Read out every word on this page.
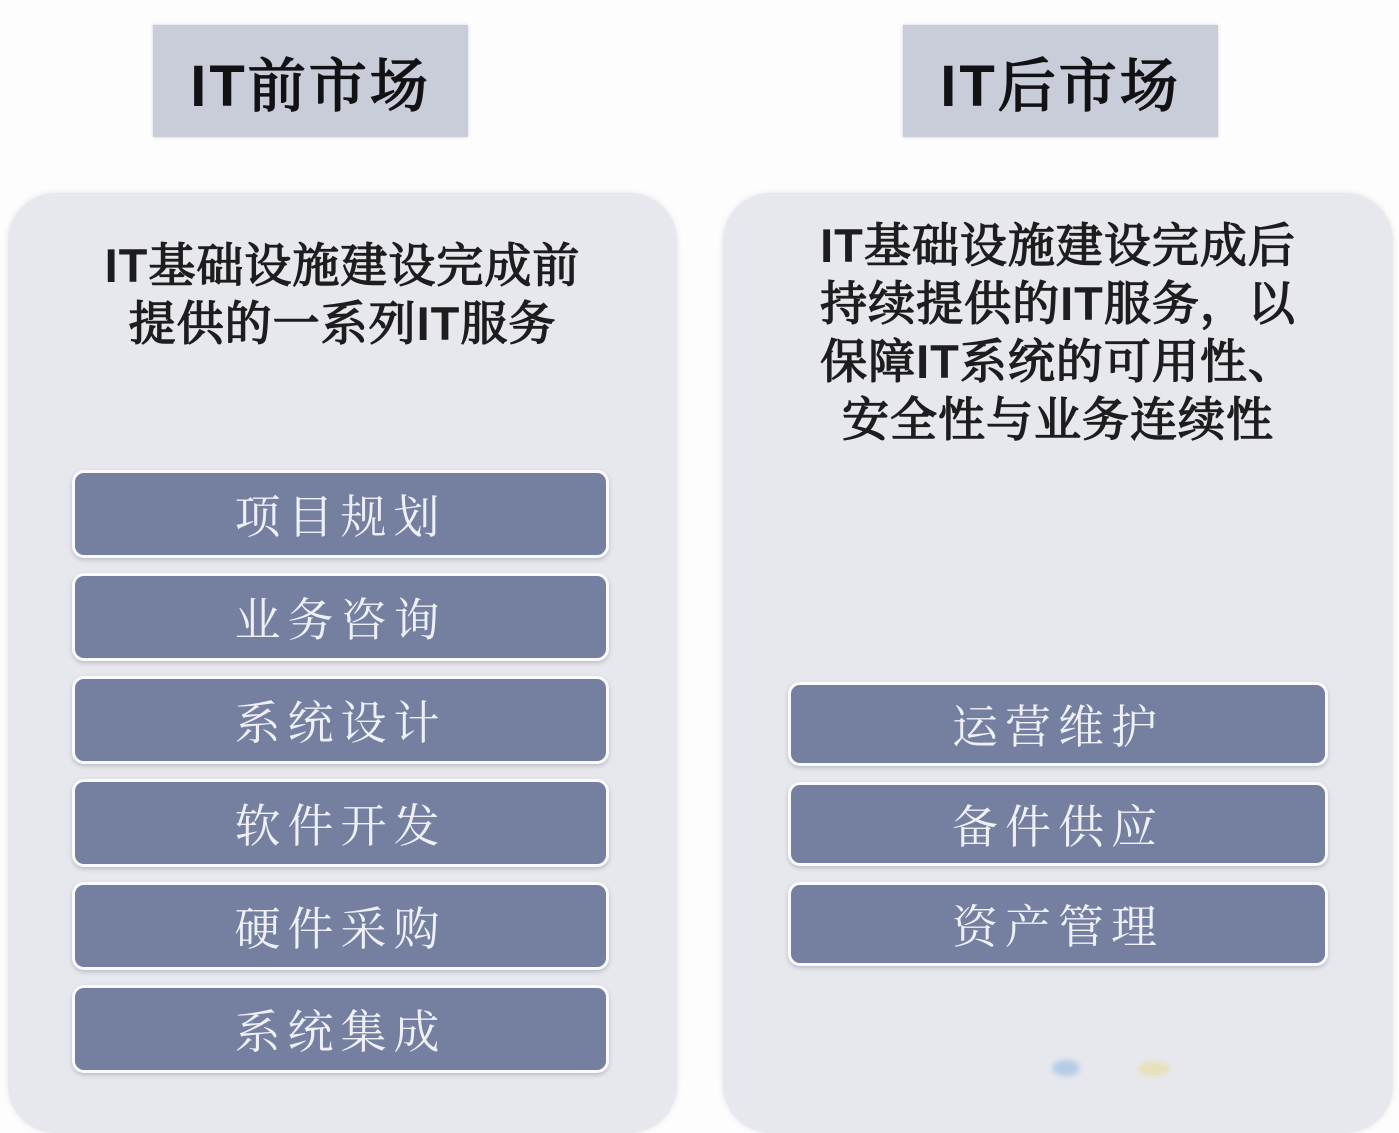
IT前市场	IT后市场
IT基础设施建设完成前
提供的一系列IT服务
项目规划
业务咨询
系统设计
软件开发
硬件采购
系统集成
IT基础设施建设完成后
持续提供的IT服务，以
保障IT系统的可用性、
安全性与业务连续性
运营维护
备件供应
资产管理
